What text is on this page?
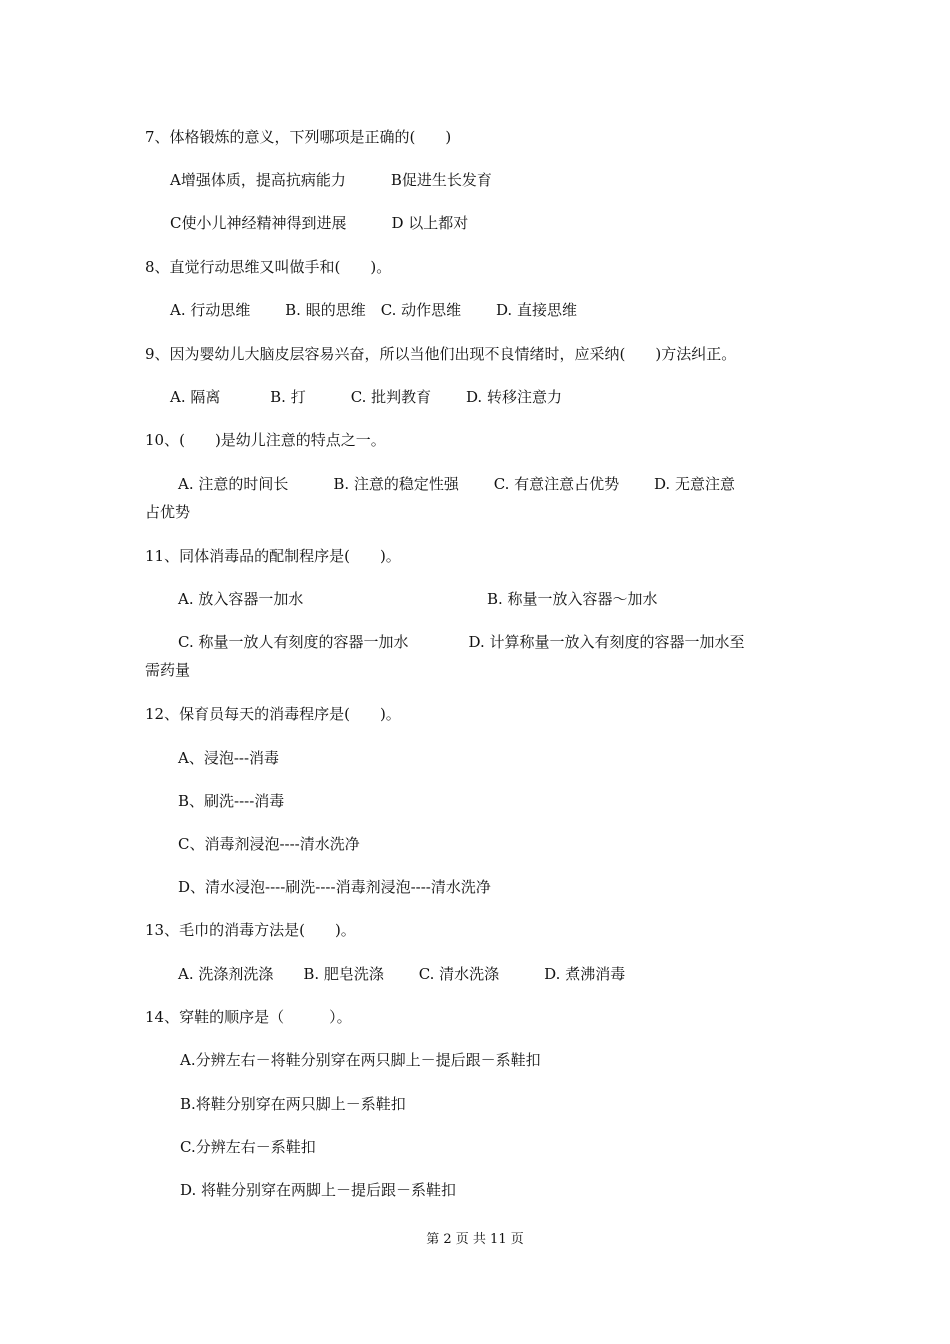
7、体格锻炼的意义，下列哪项是正确的(　　)
A增强体质，提高抗病能力　　　B促进生长发育
C使小儿神经精神得到进展　　　D 以上都对
8、直觉行动思维又叫做手和(　　)。
A. 行动思维　　 B. 眼的思维　C. 动作思维　　 D. 直接思维
9、因为婴幼儿大脑皮层容易兴奋，所以当他们出现不良情绪时，应采纳(　　)方法纠正。
A. 隔离　　　 B. 打　　　C. 批判教育　　 D. 转移注意力
10、(　　)是幼儿注意的特点之一。
A. 注意的时间长　　　B. 注意的稳定性强　　 C. 有意注意占优势　　 D. 无意注意
占优势
11、同体消毒品的配制程序是(　　)。
A. 放入容器一加水	B. 称量一放入容器～加水
C. 称量一放人有刻度的容器一加水　　　　D. 计算称量一放入有刻度的容器一加水至
需药量
12、保育员每天的消毒程序是(　　)。
A、浸泡---消毒
B、刷洗----消毒
C、消毒剂浸泡----清水洗净
D、清水浸泡----刷洗----消毒剂浸泡----清水洗净
13、毛巾的消毒方法是(　　)。
A. 洗涤剂洗涤　　B. 肥皂洗涤　　 C. 清水洗涤　　　D. 煮沸消毒
14、穿鞋的顺序是（　　　）。
A.分辨左右－将鞋分别穿在两只脚上－提后跟－系鞋扣
B.将鞋分别穿在两只脚上－系鞋扣
C.分辨左右－系鞋扣
D. 将鞋分别穿在两脚上－提后跟－系鞋扣
第 2 页 共 11 页
